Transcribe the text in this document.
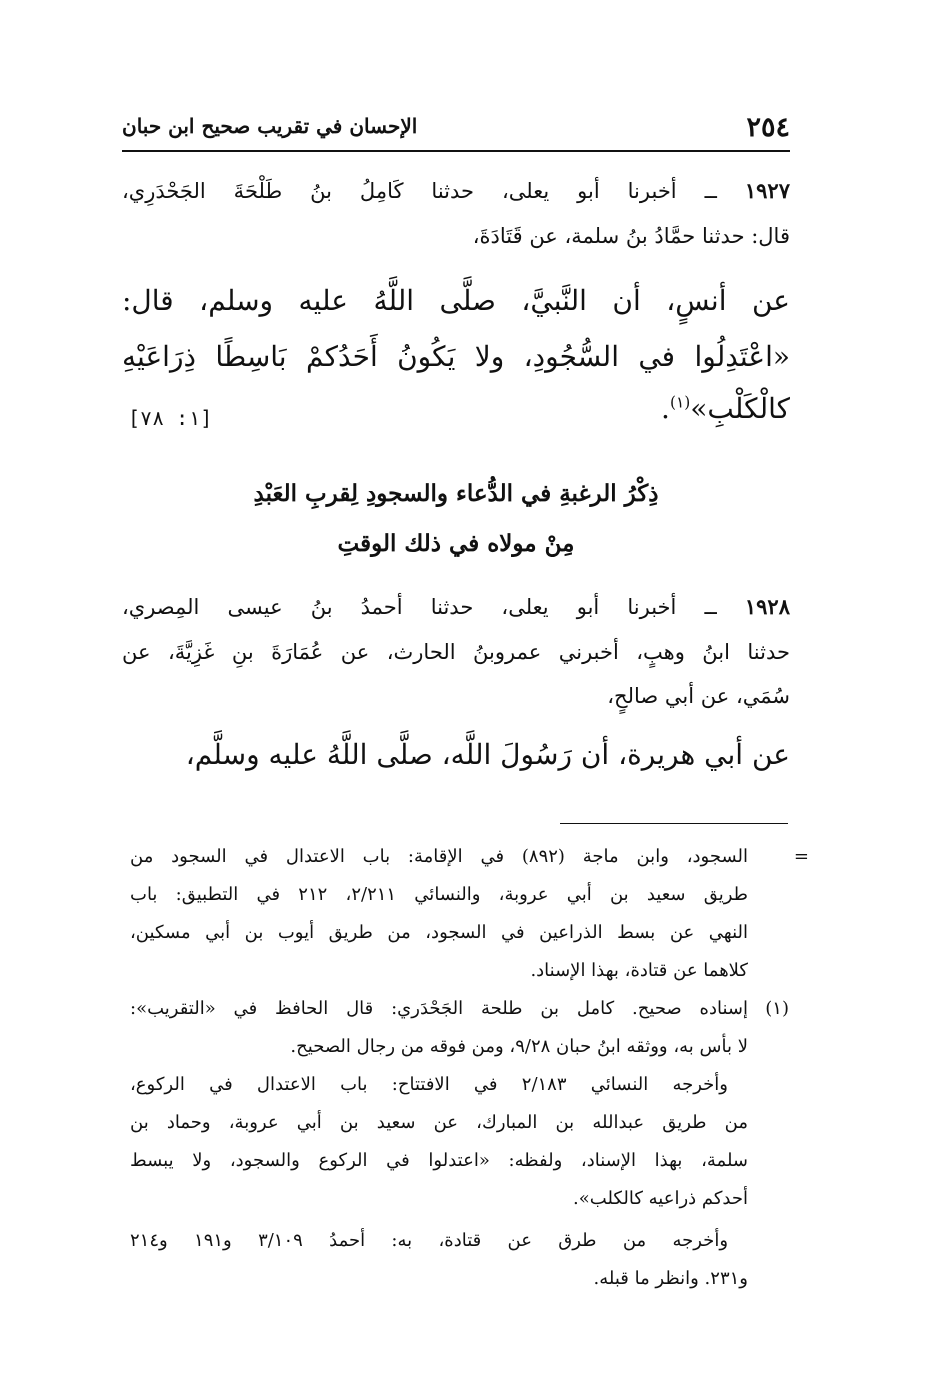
٢٥٤
الإحسان في تقريب صحيح ابن حبان
١٩٢٧ ــ أخبرنا أبو يعلى، حدثنا كَامِلُ بنُ طَلْحَةَ الجَحْدَرِي،
قال: حدثنا حمَّادُ بنُ سلمة، عن قَتَادَةَ،
عن أنسٍ، أن النَّبيَّ، صلَّى اللَّهُ عليه وسلم، قال:
«اعْتَدِلُوا في السُّجُودِ، ولا يَكُونُ أَحَدُكمْ بَاسِطًا ذِرَاعَيْهِ
كالْكَلْبِ»$^{(١)}$.
[١: ٧٨]
ذِكْرُ الرغبةِ في الدُّعاء والسجودِ لِقربِ العَبْدِ
مِنْ مولاه في ذلك الوقتِ
١٩٢٨ ــ أخبرنا أبو يعلى، حدثنا أحمدُ بنُ عيسى المِصري،
حدثنا ابنُ وهبٍ، أخبرني عمروبنُ الحارث، عن عُمَارَةَ بنِ غَزِيَّةَ، عن
سُمَي، عن أبي صالحٍ،
عن أبي هريرة، أن رَسُولَ اللَّه، صلَّى اللَّهُ عليه وسلَّم،
=
السجود، وابن ماجة (٨٩٢) في الإقامة: باب الاعتدال في السجود من
طريق سعيد بن أبي عروبة، والنسائي ٢/٢١١، ٢١٢ في التطبيق: باب
النهي عن بسط الذراعين في السجود، من طريق أيوب بن أبي مسكين،
كلاهما عن قتادة، بهذا الإسناد.
(١)
إسناده صحيح. كامل بن طلحة الجَحْدَري: قال الحافظ في «التقريب»:
لا بأس به، ووثقه ابنُ حبان ٩/٢٨، ومن فوقه من رجال الصحيح.
وأخرجه النسائي ٢/١٨٣ في الافتتاح: باب الاعتدال في الركوع،
من طريق عبدالله بن المبارك، عن سعيد بن أبي عروبة، وحماد بن
سلمة، بهذا الإسناد، ولفظه: «اعتدلوا في الركوع والسجود، ولا يبسط
أحدكم ذراعيه كالكلب».
وأخرجه من طرق عن قتادة، به: أحمدُ ٣/١٠٩ و١٩١ و٢١٤
و٢٣١. وانظر ما قبله.
